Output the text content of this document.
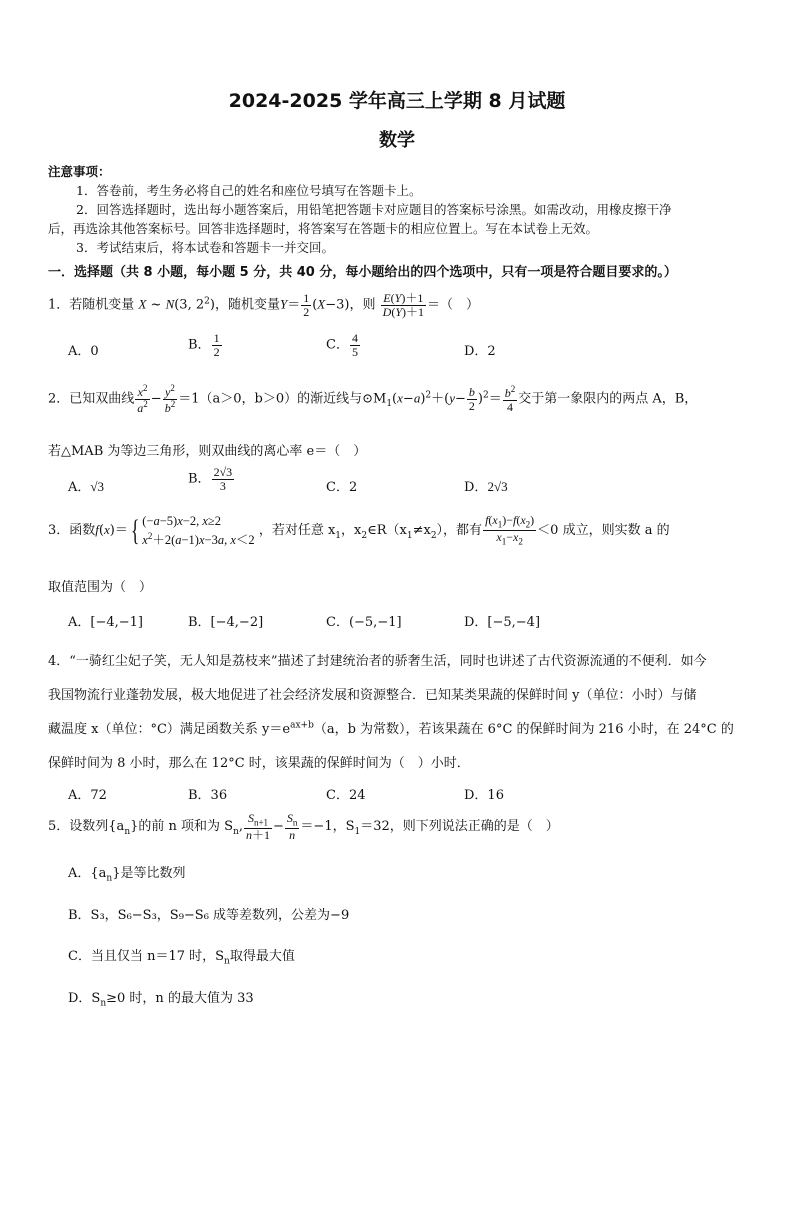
2024-2025 学年高三上学期 8 月试题
数学
注意事项：
1．答卷前，考生务必将自己的姓名和座位号填写在答题卡上。
2．回答选择题时，选出每小题答案后，用铅笔把答题卡对应题目的答案标号涂黑。如需改动，用橡皮擦干净
后，再选涂其他答案标号。回答非选择题时，将答案写在答题卡的相应位置上。写在本试卷上无效。
3．考试结束后，将本试卷和答题卡一并交回。
一．选择题（共 8 小题，每小题 5 分，共 40 分，每小题给出的四个选项中，只有一项是符合题目要求的。）
1．若随机变量 X ~ N(3, $2^2$)，随机变量$Y= \frac{1}{2} (X-3)$，则 $\frac{E(Y)+1}{D(Y)+1}$ ＝（　）
A．0	B． $\frac{1}{2}$	C． $\frac{4}{5}$	D．2
2．已知双曲线 $\frac{x^2}{a^2} - \frac{y^2}{b^2} =1(a>0$，b＞0）的渐近线与$⊙M_1(x-a)^2+(y- \frac{b}{2} )^2= \frac{b^2}{4}$ 交于第一象限内的两点 A，B，
若△MAB 为等边三角形，则双曲线的离心率 e＝（　）
A．√3	B． $\frac{2√3}{3}$	C．2	D．2√3
3．函数f(x)＝{ (−a−5)x−2, x≥2
$x^2+2(a-1)x-3a$, x＜2 ，若对任意 $x_1$，$x_2\in R(x_1\ne x_2)$，都有 $\frac{f(x_1)-f(x_2)}{x_1-x_2} <0$ 成立，则实数 a 的
取值范围为（　）
A．[−4,−1]	B．[−4,−2]	C．(−5,−1]	D．[−5,−4]
4．“一骑红尘妃子笑，无人知是荔枝来”描述了封建统治者的骄奢生活，同时也讲述了古代资源流通的不便利．如今
我国物流行业蓬勃发展，极大地促进了社会经济发展和资源整合．已知某类果蔬的保鲜时间 y（单位：小时）与储
藏温度 x（单位：°C）满足函数关系 $y=e^{ax+b}(a$，b 为常数），若该果蔬在 6°C 的保鲜时间为 216 小时，在 24°C 的
保鲜时间为 8 小时，那么在 12°C 时，该果蔬的保鲜时间为（　）小时．
A．72	B．36	C．24	D．16
5．设数列$\{a_n\}$的前 n 项和为 $S_n$, $\frac{S_{n+1}}{n+1} - \frac{S_n}{n} =-1$，$S_1=32$，则下列说法正确的是（　）
A．$\{a_n\}$是等比数列
B．S₃，S₆−S₃，S₉−S₆ 成等差数列，公差为−9
C．当且仅当 n＝17 时，$S_n$取得最大值
D．$S_n\ge 0$ 时，n 的最大值为 33
